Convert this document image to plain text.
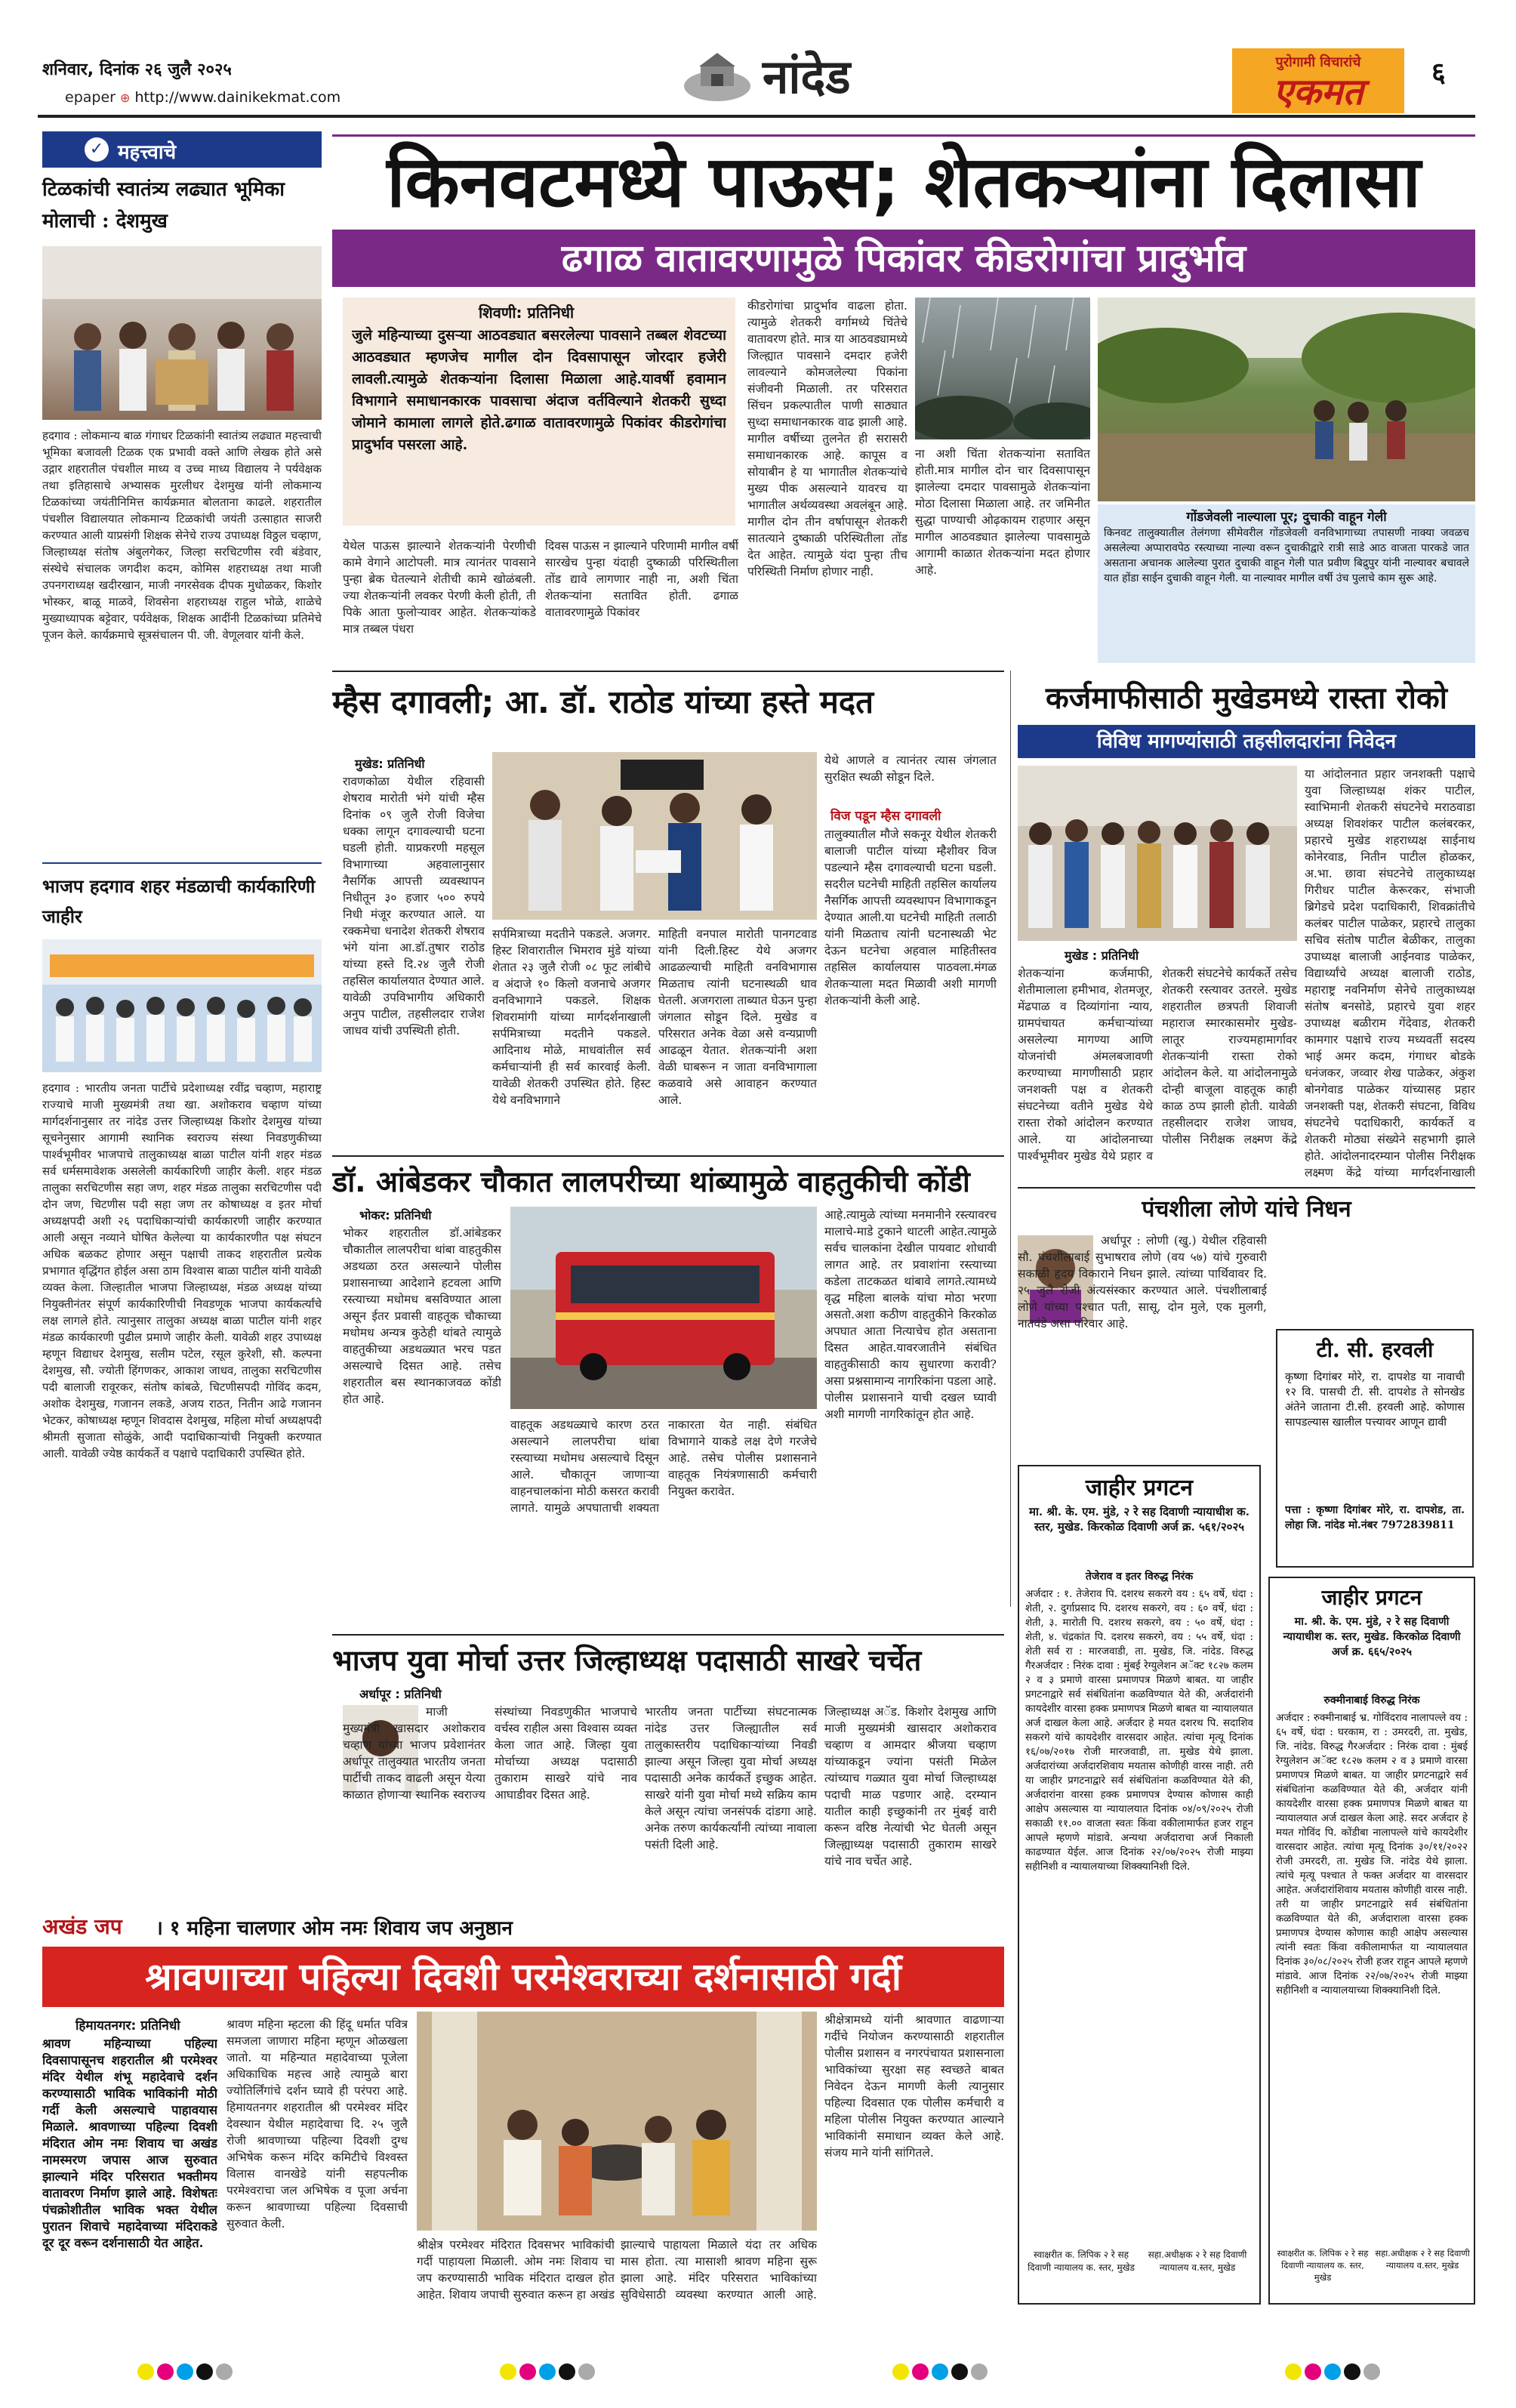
शनिवार, दिनांक २६ जुलै २०२५
epaper ⊕ http://www.dainikekmat.com	नांदेड	पुरोगामी विचारांचे
एकमत	६
✓ महत्त्वाचे
टिळकांची स्वातंत्र्य लढ्यात भूमिका मोलाची : देशमुख
हदगाव : लोकमान्य बाळ गंगाधर टिळकांनी स्वातंत्र्य लढ्यात महत्त्वाची भूमिका बजावली टिळक एक प्रभावी वक्ते आणि लेखक होते असे उद्गार शहरातील पंचशील माध्य व उच्च माध्य विद्यालय ने पर्यवेक्षक तथा इतिहासाचे अभ्यासक मुरलीधर देशमुख यांनी लोकमान्य टिळकांच्या जयंतीनिमित्त कार्यक्रमात बोलताना काढले. शहरातील पंचशील विद्यालयात लोकमान्य टिळकांची जयंती उत्साहात साजरी करण्यात आली याप्रसंगी शिक्षक सेनेचे राज्य उपाध्यक्ष विठ्ठल चव्हाण, जिल्हाध्यक्ष संतोष अंबुलगेकर, जिल्हा सरचिटणीस रवी बंडेवार, संस्थेचे संचालक जगदीश कदम, कोमिस शहराध्यक्ष तथा माजी उपनगराध्यक्ष खदीरखान, माजी नगरसेवक दीपक मुधोळकर, किशोर भोस्कर, बाळू माळवे, शिवसेना शहराध्यक्ष राहुल भोळे, शाळेचे मुख्याध्यापक बट्टेवार, पर्यवेक्षक, शिक्षक आदींनी टिळकांच्या प्रतिमेचे पूजन केले. कार्यक्रमाचे सूत्रसंचालन पी. जी. वेणूलवार यांनी केले.
भाजप हदगाव शहर मंडळाची कार्यकारिणी जाहीर
हदगाव : भारतीय जनता पार्टीचे प्रदेशाध्यक्ष रवींद्र चव्हाण, महाराष्ट्र राज्याचे माजी मुख्यमंत्री तथा खा. अशोकराव चव्हाण यांच्या मार्गदर्शनानुसार तर नांदेड उत्तर जिल्हाध्यक्ष किशोर देशमुख यांच्या सूचनेनुसार आगामी स्थानिक स्वराज्य संस्था निवडणुकीच्या पार्श्वभूमीवर भाजपाचे तालुकाध्यक्ष बाळा पाटील यांनी शहर मंडळ सर्व धर्मसमावेशक असलेली कार्यकारिणी जाहीर केली. शहर मंडळ तालुका सरचिटणीस सहा जण, शहर मंडळ तालुका सरचिटणीस पदी दोन जण, चिटणीस पदी सहा जण तर कोषाध्यक्ष व इतर मोर्चा अध्यक्षपदी अशी २६ पदाधिकाऱ्यांची कार्यकारणी जाहीर करण्यात आली असून नव्याने घोषित केलेल्या या कार्यकारणीत पक्ष संघटन अधिक बळकट होणार असून पक्षाची ताकद शहरातील प्रत्येक प्रभागात वृद्धिंगत होईल असा ठाम विश्वास बाळा पाटील यांनी यावेळी व्यक्त केला. जिल्हातील भाजपा जिल्हाध्यक्ष, मंडळ अध्यक्ष यांच्या नियुक्तीनंतर संपूर्ण कार्यकारिणीची निवडणूक भाजपा कार्यकर्त्यांचे लक्ष लागले होते. त्यानुसार तालुका अध्यक्ष बाळा पाटील यांनी शहर मंडळ कार्यकारणी पुढील प्रमाणे जाहीर केली. यावेळी शहर उपाध्यक्ष म्हणून विद्याधर देशमुख, सलीम पटेल, रसूल कुरेशी, सौ. कल्पना देशमुख, सौ. ज्योती हिंगणकर, आकाश जाधव, तालुका सरचिटणीस पदी बालाजी रावूरकर, संतोष कांबळे, चिटणीसपदी गोविंद कदम, अशोक देशमुख, गजानन लकडे, अजय राठत, नितीन आढे गजानन भेटकर, कोषाध्यक्ष म्हणून शिवदास देशमुख, महिला मोर्चा अध्यक्षपदी श्रीमती सुजाता सोळुंके, आदी पदाधिकाऱ्यांची नियुक्ती करण्यात आली. यावेळी ज्येष्ठ कार्यकर्ते व पक्षाचे पदाधिकारी उपस्थित होते.
किनवटमध्ये पाऊस; शेतकऱ्यांना दिलासा
ढगाळ वातावरणामुळे पिकांवर कीडरोगांचा प्रादुर्भाव
शिवणी: प्रतिनिधी
जुले महिन्याच्या दुसऱ्या आठवड्यात बसरलेल्या पावसाने तब्बल शेवटच्या आठवड्यात म्हणजेच मागील दोन दिवसापासून जोरदार हजेरी लावली.त्यामुळे शेतकऱ्यांना दिलासा मिळाला आहे.यावर्षी हवामान विभागाने समाधानकारक पावसाचा अंदाज वर्तविल्याने शेतकरी सुध्दा जोमाने कामाला लागले होते.ढगाळ वातावरणामुळे पिकांवर कीडरोगांचा प्रादुर्भाव पसरला आहे.
कीडरोगांचा प्रादुर्भाव वाढला होता. त्यामुळे शेतकरी वर्गामध्ये चिंतेचे वातावरण होते. मात्र या आठवड्यामध्ये जिल्ह्यात पावसाने दमदार हजेरी लावल्याने कोमजलेल्या पिकांना संजीवनी मिळाली. तर परिसरात सिंचन प्रकल्पातील पाणी साठ्यात सुध्दा समाधानकारक वाढ झाली आहे. मागील वर्षीच्या तुलनेत ही सरासरी समाधानकारक आहे. कापूस व सोयाबीन हे या भागातील शेतकऱ्यांचे मुख्य पीक असल्याने यावरच या भागातील अर्थव्यवस्था अवलंबून आहे. मागील दोन तीन वर्षापासून शेतकरी सातत्याने दुष्काळी परिस्थितीला तोंड देत आहेत. त्यामुळे यंदा पुन्हा तीच परिस्थिती निर्माण होणार नाही.
गोंडजेवली नाल्याला पूर; दुचाकी वाहून गेली
किनवट तालुक्यातील तेलंगणा सीमेवरील गोंडजेवली वनविभागाच्या तपासणी नाक्या जवळच असलेल्या अप्पारावपेठ रस्त्याच्या नाल्या वरून दुचाकीद्वारे रात्री साडे आठ वाजता पारकडे जात असताना अचानक आलेल्या पुरात दुचाकी वाहून गेली पात प्रवीण बिद्रुपुर यांनी नाल्यावर बचावले यात होंडा साईन दुचाकी वाहून गेली. या नाल्यावर मागील वर्षी उंच पुलाचे काम सुरू आहे.
ना अशी चिंता शेतकऱ्यांना सतावित होती.मात्र मागील दोन चार दिवसापासून झालेल्या दमदार पावसामुळे शेतकऱ्यांना मोठा दिलासा मिळाला आहे. तर जमिनीत सुद्धा पाण्याची ओढ़कायम राहणार असून मागील आठवड्यात झालेल्या पावसामुळे आगामी काळात शेतकऱ्यांना मदत होणार आहे.
येथेल पाऊस झाल्याने शेतकऱ्यांनी पेरणीची कामे वेगाने आटोपली. मात्र त्यानंतर पावसाने पुन्हा ब्रेक घेतल्याने शेतीची कामे खोळंबली. ज्या शेतकऱ्यांनी लवकर पेरणी केली होती, ती पिके आता फुलोऱ्यावर आहेत. शेतकऱ्यांकडे मात्र तब्बल पंधरा
दिवस पाऊस न झाल्याने परिणामी मागील वर्षी सारखेच पुन्हा यंदाही दुष्काळी परिस्थितीला तोंड द्यावे लागणार नाही ना, अशी चिंता शेतकऱ्यांना सतावित होती. ढगाळ वातावरणामुळे पिकांवर
म्हैस दगावली; आ. डॉ. राठोड यांच्या हस्ते मदत
मुखेड: प्रतिनिधी
रावणकोळा येथील रहिवासी शेषराव मारोती भंगे यांची म्हैस दिनांक ०९ जुलै रोजी विजेचा धक्का लागून दगावल्याची घटना घडली होती. याप्रकरणी महसूल विभागाच्या अहवालानुसार नैसर्गिक आपत्ती व्यवस्थापन निधीतून ३० हजार ५०० रुपये निधी मंजूर करण्यात आले. या रक्कमेचा धनादेश शेतकरी शेषराव भंगे यांना आ.डॉ.तुषार राठोड यांच्या हस्ते दि.२४ जुलै रोजी तहसिल कार्यालयात देण्यात आले. यावेळी उपविभागीय अधिकारी अनुप पाटील, तहसीलदार राजेश जाधव यांची उपस्थिती होती.
सर्पमित्राच्या मदतीने पकडले. अजगर. हिस्ट शिवारातील भिमराव मुंडे यांच्या शेतात २३ जुलै रोजी ०८ फूट लांबीचे व अंदाजे १० किलो वजनाचे अजगर वनविभागाने पकडले. शिक्षक शिवरामांगी यांच्या मार्गदर्शनाखाली सर्पमित्राच्या मदतीने पकडले. आदिनाथ मोळे, माधवांतील सर्व कर्मचाऱ्यांनी ही सर्व कारवाई केली. यावेळी शेतकरी उपस्थित होते. हिस्ट येथे वनविभागाने
माहिती वनपाल मारोती पानगटवाड यांनी दिली.हिस्ट येथे अजगर आढळल्याची माहिती वनविभागास मिळताच त्यांनी घटनास्थळी धाव घेतली. अजगराला ताब्यात घेऊन पुन्हा जंगलात सोडून दिले. मुखेड व परिसरात अनेक वेळा असे वन्यप्राणी आढळून येतात. शेतकऱ्यांनी अशा वेळी घाबरून न जाता वनविभागाला कळवावे असे आवाहन करण्यात आले.
येथे आणले व त्यानंतर त्यास जंगलात सुरक्षित स्थळी सोडून दिले.
विज पडून म्हैस दगावली
तालुक्यातील मौजे सकनूर येथील शेतकरी बालाजी पाटील यांच्या म्हैशीवर विज पडल्याने म्हैस दगावल्याची घटना घडली. सदरील घटनेची माहिती तहसिल कार्यालय नैसर्गिक आपत्ती व्यवस्थापन विभागाकडून देण्यात आली.या घटनेची माहिती तलाठी यांनी मिळताच त्यांनी घटनास्थळी भेट देऊन घटनेचा अहवाल माहितीस्तव तहसिल कार्यालयास पाठवला.मंगळ शेतकऱ्याला मदत मिळावी अशी मागणी शेतकऱ्यांनी केली आहे.
कर्जमाफीसाठी मुखेडमध्ये रास्ता रोको
विविध मागण्यांसाठी तहसीलदारांना निवेदन
या आंदोलनात प्रहार जनशक्ती पक्षाचे युवा जिल्हाध्यक्ष शंकर पाटील, स्वाभिमानी शेतकरी संघटनेचे मराठवाडा अध्यक्ष शिवशंकर पाटील कलंबरकर, प्रहारचे मुखेड शहराध्यक्ष साईनाथ कोनेरवाड, नितीन पाटील होळकर, अ.भा. छावा संघटनेचे तालुकाध्यक्ष गिरीधर पाटील केरूरकर, संभाजी ब्रिगेडचे प्रदेश पदाधिकारी, शिवक्रांतीचे कलंबर पाटील पाळेकर, प्रहारचे तालुका सचिव संतोष पाटील बेळीकर, तालुका उपाध्यक्ष बालाजी आईनवाड पाळेकर, विद्यार्थ्यांचे अध्यक्ष बालाजी राठोड, महाराष्ट्र नवनिर्माण सेनेचे तालुकाध्यक्ष संतोष बनसोडे, प्रहारचे युवा शहर उपाध्यक्ष बळीराम गेंदेवाड, शेतकरी कामगार पक्षाचे राज्य मध्यवर्ती सदस्य भाई अमर कदम, गंगाधर बोडके धनंजकर, जव्वार शेख पाळेकर, अंकुश बोनगेवाड पाळेकर यांच्यासह प्रहार जनशक्ती पक्ष, शेतकरी संघटना, विविध संघटनेचे पदाधिकारी, कार्यकर्ते व शेतकरी मोठ्या संख्येने सहभागी झाले होते. आंदोलनादरम्यान पोलीस निरीक्षक लक्ष्मण केंद्रे यांच्या मार्गदर्शनाखाली
मुखेड : प्रतिनिधी
शेतकऱ्यांना कर्जमाफी, शेतीमालाला हमीभाव, शेतमजूर, मेंढपाळ व दिव्यांगांना न्याय, ग्रामपंचायत कर्मचाऱ्यांच्या असलेल्या मागण्या आणि योजनांची अंमलबजावणी करण्याच्या मागणीसाठी प्रहार जनशक्ती पक्ष व शेतकरी संघटनेच्या वतीने मुखेड येथे रास्ता रोको आंदोलन करण्यात आले. या आंदोलनाच्या पार्श्वभूमीवर मुखेड येथे प्रहार व शेतकरी संघटनेचे कार्यकर्ते तसेच शेतकरी रस्त्यावर उतरले. मुखेड शहरातील छत्रपती शिवाजी महाराज स्मारकासमोर मुखेड-लातूर राज्यमहामार्गावर शेतकऱ्यांनी रास्ता रोको आंदोलन केले. या आंदोलनामुळे दोन्ही बाजूला वाहतूक काही काळ ठप्प झाली होती. यावेळी तहसीलदार राजेश जाधव, पोलीस निरीक्षक लक्ष्मण केंद्रे
डॉ. आंबेडकर चौकात लालपरीच्या थांब्यामुळे वाहतुकीची कोंडी
भोकर: प्रतिनिधी
भोकर शहरातील डॉ.आंबेडकर चौकातील लालपरीचा थांबा वाहतुकीस अडथळा ठरत असल्याने पोलीस प्रशासनाच्या आदेशाने हटवला आणि रस्त्याच्या मधोमध बसविण्यात आला असून ईतर प्रवासी वाहतूक चौकाच्या मधोमध अन्यत्र कुठेही थांबते त्यामुळे वाहतुकीच्या अडथळ्यात भरच पडत असल्याचे दिसत आहे. तसेच शहरातील बस स्थानकाजवळ कोंडी होत आहे.
वाहतूक अडथळ्याचे कारण ठरत असल्याने लालपरीचा थांबा रस्त्याच्या मधोमध असल्याचे दिसून आले. चौकातून जाणाऱ्या वाहनचालकांना मोठी कसरत करावी लागते. यामुळे अपघाताची शक्यता नाकारता येत नाही. संबंधित विभागाने याकडे लक्ष देणे गरजेचे आहे. तसेच पोलीस प्रशासनाने वाहतूक नियंत्रणासाठी कर्मचारी नियुक्त करावेत.
आहे.त्यामुळे त्यांच्या मनमानीने रस्त्यावरच मालाचे-माडे टुकाने थाटली आहेत.त्यामुळे सर्वच चालकांना देखील पायवाट शोधावी लागत आहे. तर प्रवाशांना रस्त्याच्या कडेला ताटकळत थांबावे लागते.त्यामध्ये वृद्ध महिला बालके यांचा मोठा भरणा असतो.अशा कठीण वाहतुकीने किरकोळ अपघात आता नित्याचेच होत असताना दिसत आहेत.यावरजातीने संबंधित वाहतुकीसाठी काय सुधारणा करावी? असा प्रश्नसामान्य नागरिकांना पडला आहे. पोलीस प्रशासनाने याची दखल घ्यावी अशी मागणी नागरिकांतून होत आहे.
पंचशीला लोणे यांचे निधन
अर्धापूर : लोणी (खु.) येथील रहिवासी सौ. पंचशीलाबाई सुभाषराव लोणे (वय ५७) यांचे गुरुवारी सकाळी हृदय विकाराने निधन झाले. त्यांच्या पार्थिवावर दि. २५ जुलै रोजी अंत्यसंस्कार करण्यात आले. पंचशीलाबाई लोणे यांच्या पश्चात पती, सासू, दोन मुले, एक मुलगी, नातवंडे असा परिवार आहे.
टी. सी. हरवली
कृष्णा दिगांबर मोरे, रा. दापशेड या नावाची १२ वि. पासची टी. सी. दापशेड ते सोनखेड अंतेने जाताना टी.सी. हरवली आहे. कोणास सापडल्यास खालील पत्त्यावर आणून द्यावी
पत्ता : कृष्णा दिगांबर मोरे, रा. दापशेड, ता. लोहा जि. नांदेड मो.नंबर 7972839811
भाजप युवा मोर्चा उत्तर जिल्हाध्यक्ष पदासाठी साखरे चर्चेत
अर्धापूर : प्रतिनिधी
माजी मुख्यमंत्री खासदार अशोकराव चव्हाण यांच्या भाजप प्रवेशानंतर अर्धापूर तालुक्यात भारतीय जनता पार्टीची ताकद वाढली असून येत्या काळात होणाऱ्या स्थानिक स्वराज्य संस्थांच्या निवडणुकीत भाजपाचे वर्चस्व राहील असा विश्वास व्यक्त केला जात आहे. जिल्हा युवा मोर्चाच्या अध्यक्ष पदासाठी तुकाराम साखरे यांचे नाव आघाडीवर दिसत आहे.
भारतीय जनता पार्टीच्या संघटनात्मक नांदेड उत्तर जिल्ह्यातील सर्व तालुकास्तरीय पदाधिकाऱ्यांच्या निवडी झाल्या असून जिल्हा युवा मोर्चा अध्यक्ष पदासाठी अनेक कार्यकर्ते इच्छुक आहेत. साखरे यांनी युवा मोर्चा मध्ये सक्रिय काम केले असून त्यांचा जनसंपर्क दांडगा आहे. अनेक तरुण कार्यकर्त्यांनी त्यांच्या नावाला पसंती दिली आहे.
जिल्हाध्यक्ष अॅड. किशोर देशमुख आणि माजी मुख्यमंत्री खासदार अशोकराव चव्हाण व आमदार श्रीजया चव्हाण यांच्याकडून ज्यांना पसंती मिळेल त्यांच्याच गळ्यात युवा मोर्चा जिल्हाध्यक्ष पदाची माळ पडणार आहे. दरम्यान यातील काही इच्छुकांनी तर मुंबई वारी करून वरिष्ठ नेत्यांची भेट घेतली असून जिल्ह्याध्यक्ष पदासाठी तुकाराम साखरे यांचे नाव चर्चेत आहे.
जाहीर प्रगटन
मा. श्री. के. एम. मुंडे, २ रे सह दिवाणी न्यायाधीश क. स्तर, मुखेड. किरकोळ दिवाणी अर्ज क्र. ५६१/२०२५
तेजेराव व इतर विरुद्ध निरंक
अर्जदार : १. तेजेराव पि. दशरथ सकरगे वय : ६५ वर्षे, धंदा : शेती, २. दुर्गाप्रसाद पि. दशरथ सकरगे, वय : ६० वर्षे, धंदा : शेती, ३. मारोती पि. दशरथ सकरगे, वय : ५० वर्षे, धंदा : शेती, ४. चंद्रकांत पि. दशरथ सकरगे, वय : ५५ वर्षे, धंदा : शेती सर्व रा : मारजवाडी, ता. मुखेड, जि. नांदेड. विरुद्ध गैरअर्जदार : निरंक दावा : मुंबई रेग्युलेशन अॅक्ट १८२७ कलम २ व ३ प्रमाणे वारसा प्रमाणपत्र मिळणे बाबत. या जाहीर प्रगटनाद्वारे सर्व संबंधितांना कळविण्यात येते की, अर्जदारांनी कायदेशीर वारसा हक्क प्रमाणपत्र मिळणे बाबत या न्यायालयात अर्ज दाखल केला आहे. अर्जदार हे मयत दशरथ पि. सदाशिव सकरगे यांचे कायदेशीर वारसदार आहेत. त्यांचा मृत्यू दिनांक १६/०७/२०१७ रोजी मारजवाडी, ता. मुखेड येथे झाला. अर्जदारांच्या अर्जदारशिवाय मयतास कोणीही वारस नाही. तरी या जाहीर प्रगटनाद्वारे सर्व संबंधितांना कळविण्यात येते की, अर्जदारांना वारसा हक्क प्रमाणपत्र देण्यास कोणास काही आक्षेप असल्यास या न्यायालयात दिनांक ०४/०९/२०२५ रोजी सकाळी ११.०० वाजता स्वतः किंवा वकीलामार्फत हजर राहून आपले म्हणणे मांडावे. अन्यथा अर्जदाराचा अर्ज निकाली काढण्यात येईल. आज दिनांक २२/०७/२०२५ रोजी माझ्या सहीनिशी व न्यायालयाच्या शिक्क्यानिशी दिले.
स्वाक्षरीत क. लिपिक २ रे सह दिवाणी न्यायालय क. स्तर, मुखेड
सहा.अधीक्षक २ रे सह दिवाणी न्यायालय व.स्तर, मुखेड
जाहीर प्रगटन
मा. श्री. के. एम. मुंडे, २ रे सह दिवाणी न्यायाधीश क. स्तर, मुखेड. किरकोळ दिवाणी अर्ज क्र. ६६५/२०२५
रुक्मीनाबाई विरुद्ध निरंक
अर्जदार : रुक्मीनाबाई भ्र. गोविंदराव नालापल्ले वय : ६५ वर्षे, धंदा : घरकाम, रा : उमरदरी, ता. मुखेड, जि. नांदेड. विरुद्ध गैरअर्जदार : निरंक दावा : मुंबई रेग्युलेशन अॅक्ट १८२७ कलम २ व ३ प्रमाणे वारसा प्रमाणपत्र मिळणे बाबत. या जाहीर प्रगटनाद्वारे सर्व संबंधितांना कळविण्यात येते की, अर्जदार यांनी कायदेशीर वारसा हक्क प्रमाणपत्र मिळणे बाबत या न्यायालयात अर्ज दाखल केला आहे. सदर अर्जदार हे मयत गोविंद पि. कोंडीबा नालापल्ले यांचे कायदेशीर वारसदार आहेत. त्यांचा मृत्यू दिनांक ३०/११/२०२२ रोजी उमरदरी, ता. मुखेड जि. नांदेड येथे झाला. त्यांचे मृत्यू पश्चात ते फक्त अर्जदार या वारसदार आहेत. अर्जदारांशिवाय मयतास कोणीही वारस नाही. तरी या जाहीर प्रगटनाद्वारे सर्व संबंधितांना कळविण्यात येते की, अर्जदाराला वारसा हक्क प्रमाणपत्र देण्यास कोणास काही आक्षेप असल्यास त्यांनी स्वतः किंवा वकीलामार्फत या न्यायालयात दिनांक ३०/०८/२०२५ रोजी हजर राहून आपले म्हणणे मांडावे. आज दिनांक २२/०७/२०२५ रोजी माझ्या सहीनिशी व न्यायालयाच्या शिक्क्यानिशी दिले.
स्वाक्षरीत क. लिपिक २ रे सह दिवाणी न्यायालय क. स्तर, मुखेड
सहा.अधीक्षक २ रे सह दिवाणी न्यायालय व.स्तर, मुखेड
अखंड जप । १ महिना चालणार ओम नमः शिवाय जप अनुष्ठान
श्रावणाच्या पहिल्या दिवशी परमेश्वराच्या दर्शनासाठी गर्दी
हिमायतनगर: प्रतिनिधी
श्रावण महिन्याच्या पहिल्या दिवसापासूनच शहरातील श्री परमेश्वर मंदिर येथील शंभू महादेवाचे दर्शन करण्यासाठी भाविक भाविकांनी मोठी गर्दी केली असल्याचे पाहावयास मिळाले. श्रावणाच्या पहिल्या दिवशी मंदिरात ओम नमः शिवाय चा अखंड नामस्मरण जपास आज सुरुवात झाल्याने मंदिर परिसरात भक्तीमय वातावरण निर्माण झाले आहे. विशेषतः पंचक्रोशीतील भाविक भक्त येथील पुरातन शिवाचे महादेवाच्या मंदिराकडे दूर दूर वरून दर्शनासाठी येत आहेत.
श्रावण महिना म्हटला की हिंदू धर्मात पवित्र समजला जाणारा महिना म्हणून ओळखला जातो. या महिन्यात महादेवाच्या पूजेला अधिकाधिक महत्त्व आहे त्यामुळे बारा ज्योतिर्लिंगांचे दर्शन घ्यावे ही परंपरा आहे. हिमायतनगर शहरातील श्री परमेश्वर मंदिर देवस्थान येथील महादेवाचा दि. २५ जुलै रोजी श्रावणाच्या पहिल्या दिवशी दुग्ध अभिषेक करून मंदिर कमिटीचे विश्वस्त विलास वानखेडे यांनी सहपत्नीक परमेश्वराचा जल अभिषेक व पूजा अर्चना करून श्रावणाच्या पहिल्या दिवसाची सुरुवात केली.
श्रीक्षेत्र परमेश्वर मंदिरात दिवसभर भाविकांची गर्दी पाहायला मिळाली. ओम नमः शिवाय चा जप करण्यासाठी भाविक मंदिरात दाखल होत आहेत. शिवाय जपाची सुरुवात करून हा अखंड
झाल्याचे पाहायला मिळाले यंदा तर अधिक मास होता. त्या मासाशी श्रावण महिना सुरू झाला आहे. मंदिर परिसरात भाविकांच्या सुविधेसाठी व्यवस्था करण्यात आली आहे.
श्रीक्षेत्रामध्ये यांनी श्रावणात वाढणाऱ्या गर्दीचे नियोजन करण्यासाठी शहरातील पोलीस प्रशासन व नगरपंचायत प्रशासनाला भाविकांच्या सुरक्षा सह स्वच्छते बाबत निवेदन देऊन मागणी केली त्यानुसार पहिल्या दिवसात एक पोलीस कर्मचारी व महिला पोलीस नियुक्त करण्यात आल्याने भाविकांनी समाधान व्यक्त केले आहे. संजय माने यांनी सांगितले.
